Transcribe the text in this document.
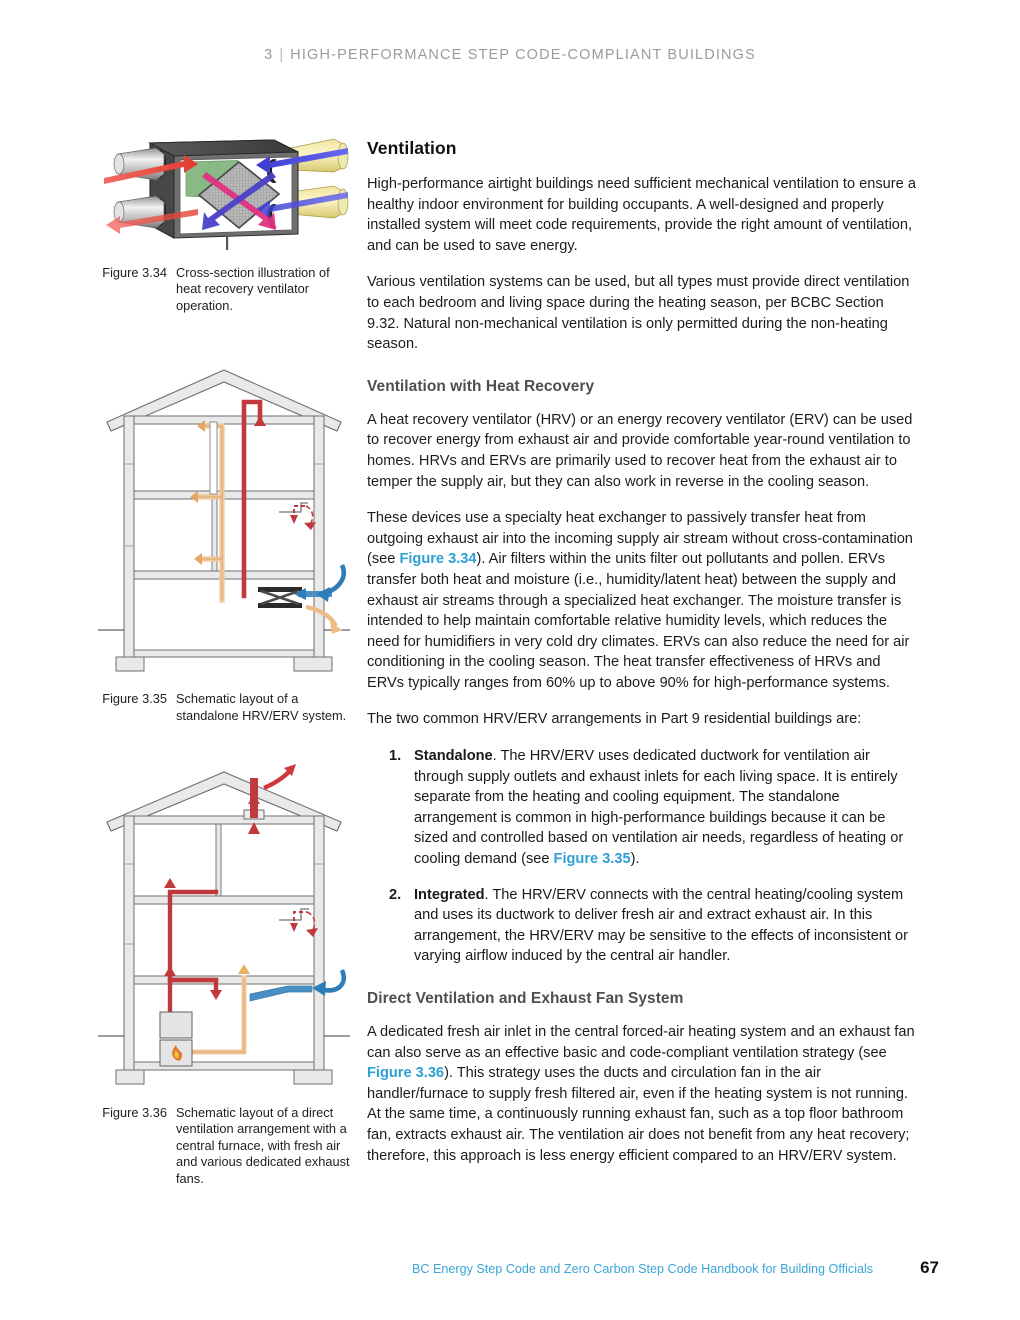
3 | HIGH-PERFORMANCE STEP CODE-COMPLIANT BUILDINGS
Figure 3.34 Cross-section illustration of heat recovery ventilator operation.
Figure 3.35 Schematic layout of a standalone HRV/ERV system.
Figure 3.36 Schematic layout of a direct ventilation arrangement with a central furnace, with fresh air and various dedicated exhaust fans.
Ventilation

High-performance airtight buildings need sufficient mechanical ventilation to ensure a healthy indoor environment for building occupants. A well-designed and properly installed system will meet code requirements, provide the right amount of ventilation, and can be used to save energy.

Various ventilation systems can be used, but all types must provide direct ventilation to each bedroom and living space during the heating season, per BCBC Section 9.32. Natural non-mechanical ventilation is only permitted during the non-heating season.

Ventilation with Heat Recovery

A heat recovery ventilator (HRV) or an energy recovery ventilator (ERV) can be used to recover energy from exhaust air and provide comfortable year-round ventilation to homes. HRVs and ERVs are primarily used to recover heat from the exhaust air to temper the supply air, but they can also work in reverse in the cooling season.

These devices use a specialty heat exchanger to passively transfer heat from outgoing exhaust air into the incoming supply air stream without cross-contamination (see Figure 3.34). Air filters within the units filter out pollutants and pollen. ERVs transfer both heat and moisture (i.e., humidity/latent heat) between the supply and exhaust air streams through a specialized heat exchanger. The moisture transfer is intended to help maintain comfortable relative humidity levels, which reduces the need for humidifiers in very cold dry climates. ERVs can also reduce the need for air conditioning in the cooling season. The heat transfer effectiveness of HRVs and ERVs typically ranges from 60% up to above 90% for high-performance systems.

The two common HRV/ERV arrangements in Part 9 residential buildings are:

1. Standalone. The HRV/ERV uses dedicated ductwork for ventilation air through supply outlets and exhaust inlets for each living space. It is entirely separate from the heating and cooling equipment. The standalone arrangement is common in high-performance buildings because it can be sized and controlled based on ventilation air needs, regardless of heating or cooling demand (see Figure 3.35).
2. Integrated. The HRV/ERV connects with the central heating/cooling system and uses its ductwork to deliver fresh air and extract exhaust air. In this arrangement, the HRV/ERV may be sensitive to the effects of inconsistent or varying airflow induced by the central air handler.
Direct Ventilation and Exhaust Fan System

A dedicated fresh air inlet in the central forced-air heating system and an exhaust fan can also serve as an effective basic and code-compliant ventilation strategy (see Figure 3.36). This strategy uses the ducts and circulation fan in the air handler/furnace to supply fresh filtered air, even if the heating system is not running. At the same time, a continuously running exhaust fan, such as a top floor bathroom fan, extracts exhaust air. The ventilation air does not benefit from any heat recovery; therefore, this approach is less energy efficient compared to an HRV/ERV system.

BC Energy Step Code and Zero Carbon Step Code Handbook for Building Officials	67
